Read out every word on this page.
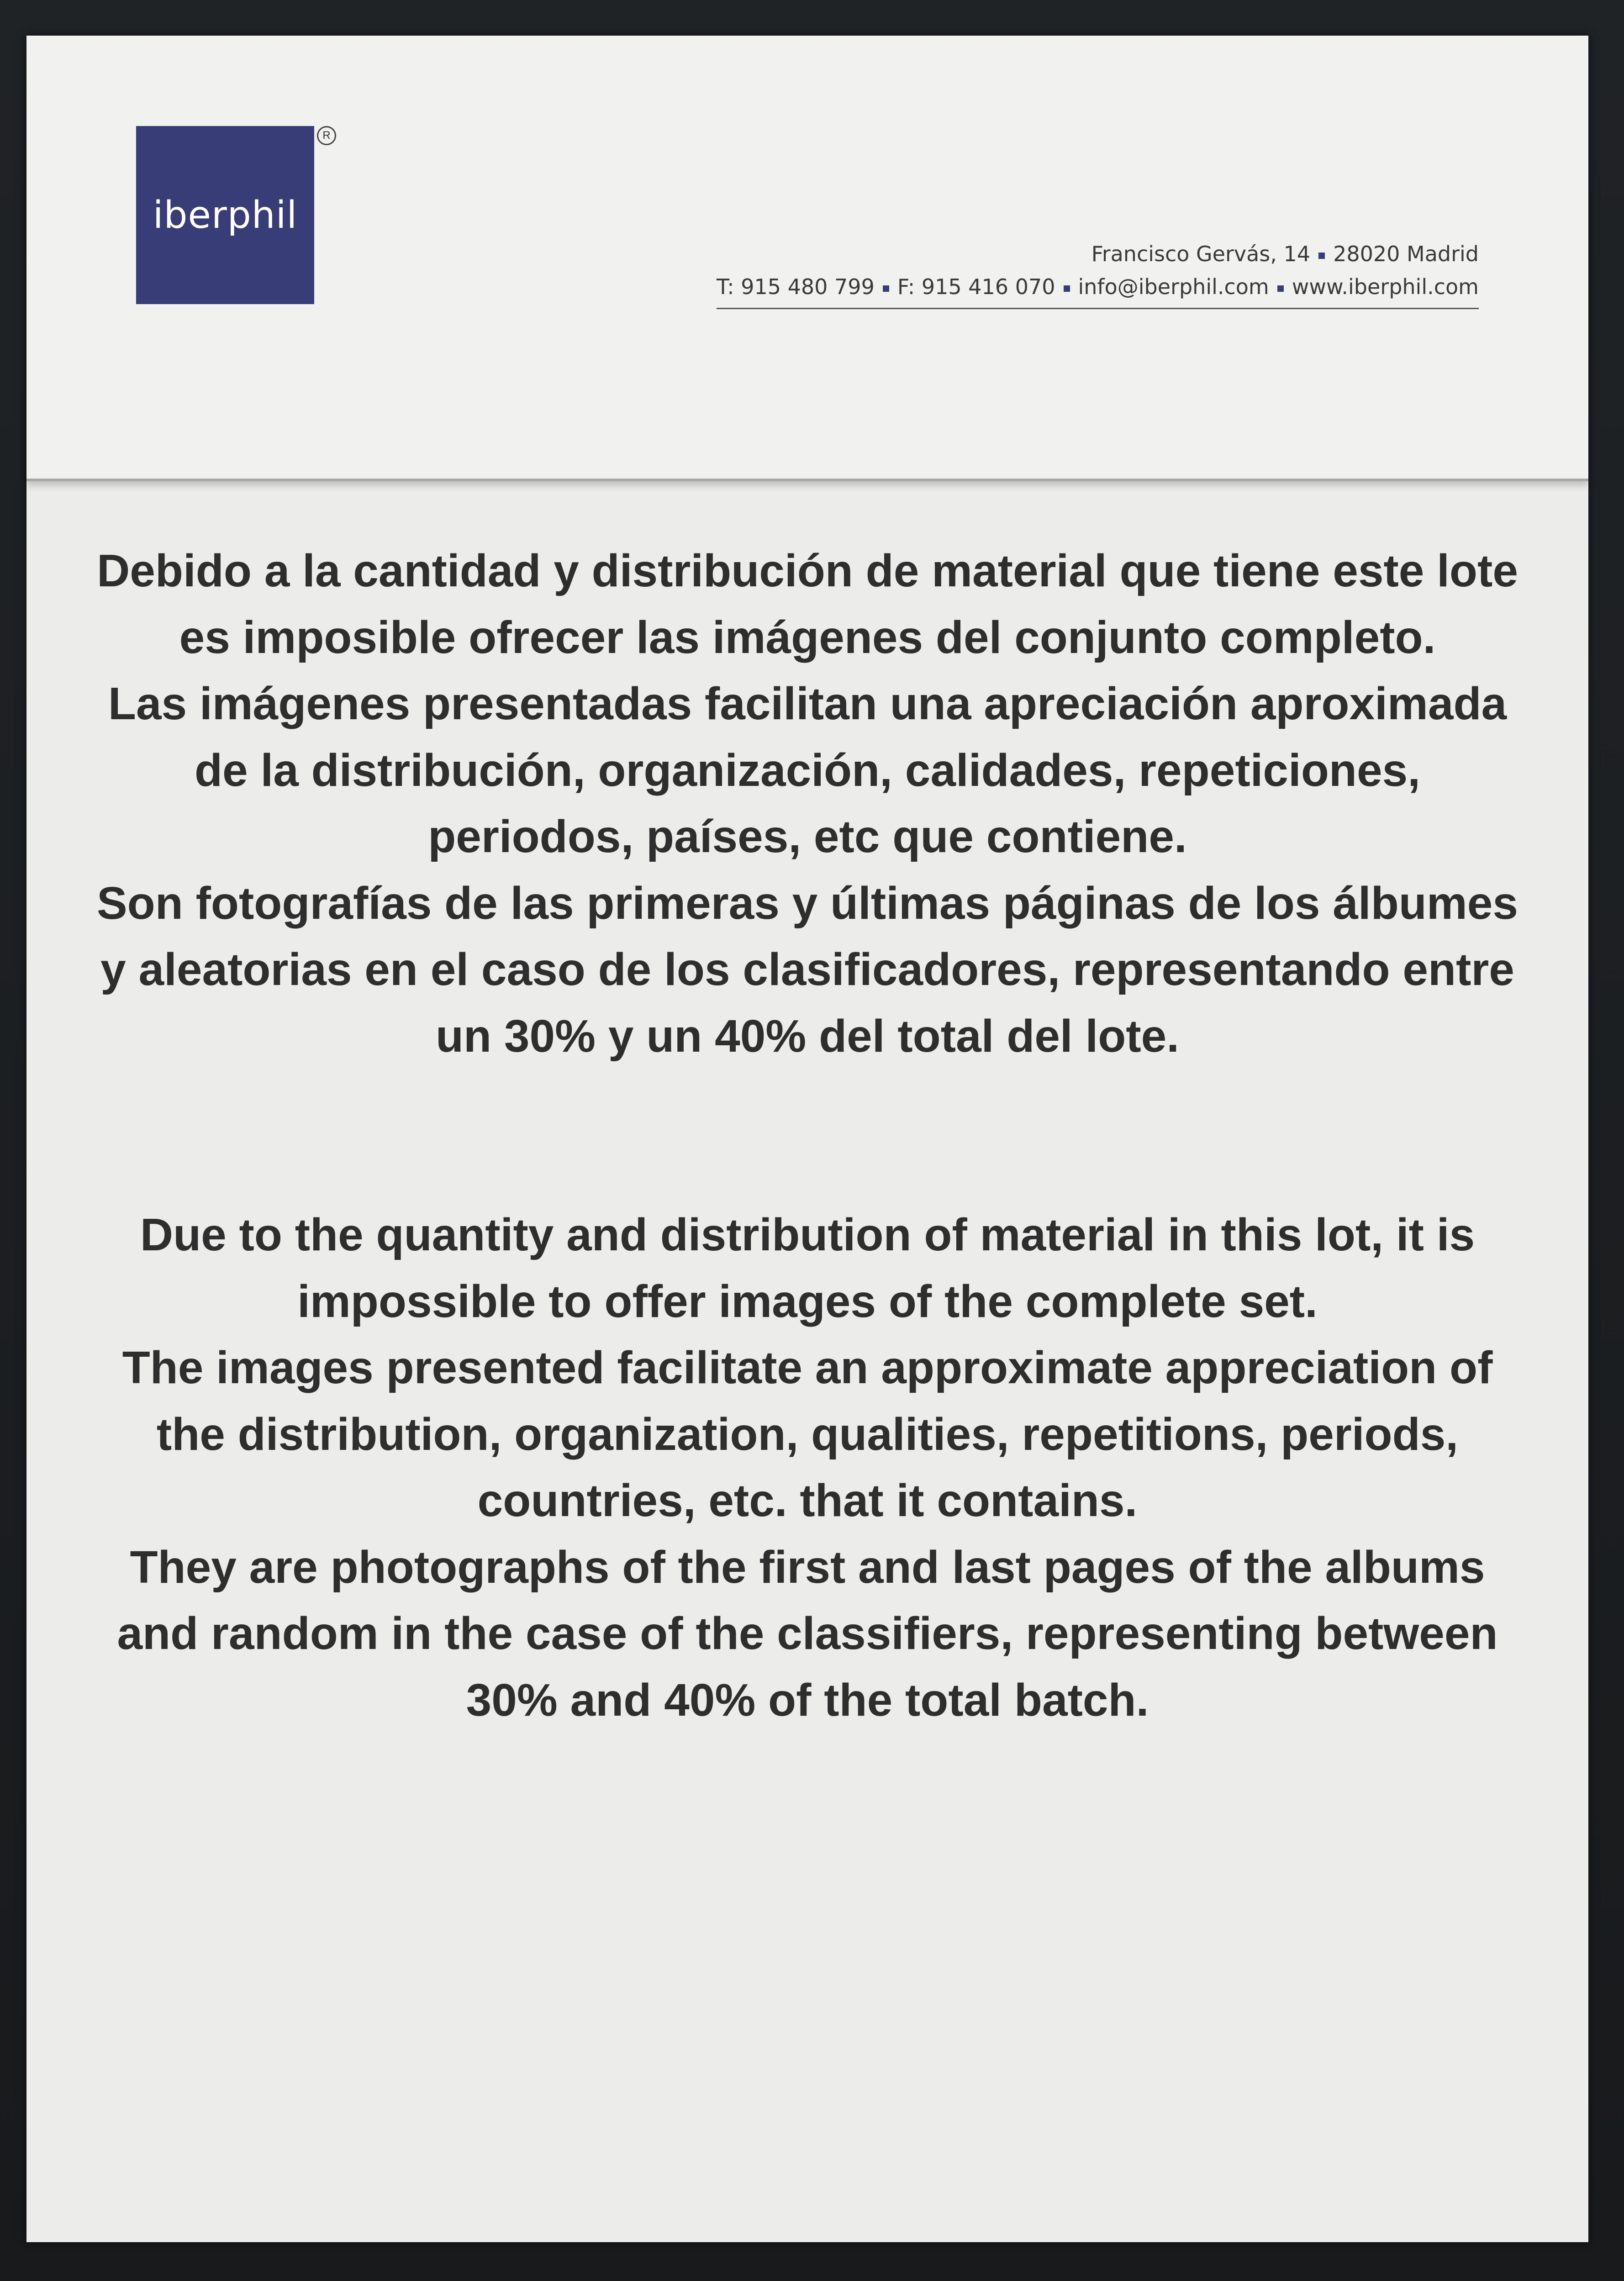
iberphil
R
Francisco Gervás, 14 28020 Madrid
T: 915 480 799 F: 915 416 070 info@iberphil.com www.iberphil.com

Debido a la cantidad y distribución de material que tiene este lote es imposible ofrecer las imágenes del conjunto completo.

Las imágenes presentadas facilitan una apreciación aproximada de la distribución, organización, calidades, repeticiones, periodos, países, etc que contiene.

Son fotografías de las primeras y últimas páginas de los álbumes y aleatorias en el caso de los clasificadores, representando entre un 30% y un 40% del total del lote.

Due to the quantity and distribution of material in this lot, it is impossible to offer images of the complete set.

The images presented facilitate an approximate appreciation of the distribution, organization, qualities, repetitions, periods, countries, etc. that it contains.

They are photographs of the first and last pages of the albums and random in the case of the classifiers, representing between 30% and 40% of the total batch.
